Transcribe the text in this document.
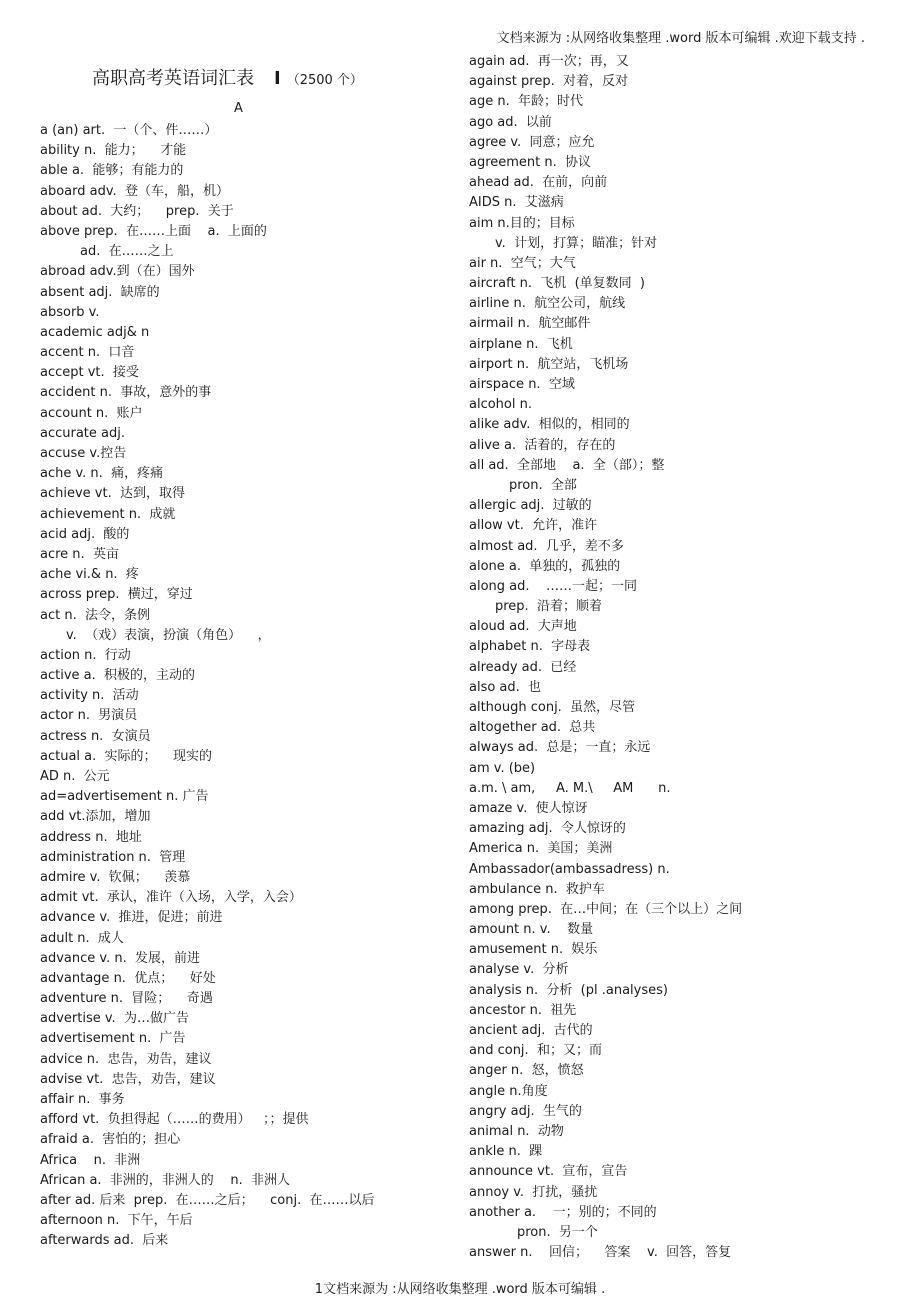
文档来源为 :从网络收集整理 .word 版本可编辑 .欢迎下载支持 .
高职高考英语词汇表 Ⅰ （2500 个）
A
a (an) art.  一（个、件……）
ability n.  能力；    才能
able a.  能够；有能力的
aboard adv.  登（车，船，机）
about ad.  大约；    prep.  关于
above prep.  在……上面    a.  上面的
ad.  在……之上
abroad adv.到（在）国外
absent adj.  缺席的
absorb v.
academic adj& n
accent n.  口音
accept vt.  接受
accident n.  事故，意外的事
account n.  账户
accurate adj.
accuse v.控告
ache v. n.  痛，疼痛
achieve vt.  达到，取得
achievement n.  成就
acid adj.  酸的
acre n.  英亩
ache vi.& n.  疼
across prep.  横过，穿过
act n.  法令，条例
v.  （戏）表演，扮演（角色）    ，
action n.  行动
active a.  积极的，主动的
activity n.  活动
actor n.  男演员
actress n.  女演员
actual a.  实际的；    现实的
AD n.  公元
ad=advertisement n. 广告
add vt.添加，增加
address n.  地址
administration n.  管理
admire v.  钦佩；    羡慕
admit vt.  承认，准许（入场，入学，入会）
advance v.  推进，促进；前进
adult n.  成人
advance v. n.  发展，前进
advantage n.  优点；    好处
adventure n.  冒险；    奇遇
advertise v.  为…做广告
advertisement n.  广告
advice n.  忠告，劝告，建议
advise vt.  忠告，劝告，建议
affair n.  事务
afford vt.  负担得起（……的费用）   ；；提供
afraid a.  害怕的；担心
Africa    n.  非洲
African a.  非洲的，非洲人的    n.  非洲人
after ad. 后来  prep.  在……之后；    conj.  在……以后
afternoon n.  下午，午后
afterwards ad.  后来
again ad.  再一次；再，又
against prep.  对着，反对
age n.  年龄；时代
ago ad.  以前
agree v.  同意；应允
agreement n.  协议
ahead ad.  在前，向前
AIDS n.  艾滋病
aim n.目的；目标
v.  计划，打算；瞄准；针对
air n.  空气；大气
aircraft n.  飞机  (单复数同  )
airline n.  航空公司，航线
airmail n.  航空邮件
airplane n.  飞机
airport n.  航空站，飞机场
airspace n.  空域
alcohol n.
alike adv.  相似的，相同的
alive a.  活着的，存在的
all ad.  全部地    a.  全（部）；整
pron.  全部
allergic adj.  过敏的
allow vt.  允许，准许
almost ad.  几乎，差不多
alone a.  单独的，孤独的
along ad.    ……一起；一同
prep.  沿着；顺着
aloud ad.  大声地
alphabet n.  字母表
already ad.  已经
also ad.  也
although conj.  虽然，尽管
altogether ad.  总共
always ad.  总是；一直；永远
am v. (be)
a.m. \ am,     A. M.\     AM      n.
amaze v.  使人惊讶
amazing adj.  令人惊讶的
America n.  美国；美洲
Ambassador(ambassadress) n.
ambulance n.  救护车
among prep.  在…中间；在（三个以上）之间
amount n. v.    数量
amusement n.  娱乐
analyse v.  分析
analysis n.  分析  (pl .analyses)
ancestor n.  祖先
ancient adj.  古代的
and conj.  和；又；而
anger n.  怒，愤怒
angle n.角度
angry adj.  生气的
animal n.  动物
ankle n.  踝
announce vt.  宣布，宣告
annoy v.  打扰，骚扰
another a.    一；别的；不同的
pron.  另一个
answer n.    回信；    答案    v.  回答，答复
1文档来源为 :从网络收集整理 .word 版本可编辑 .
